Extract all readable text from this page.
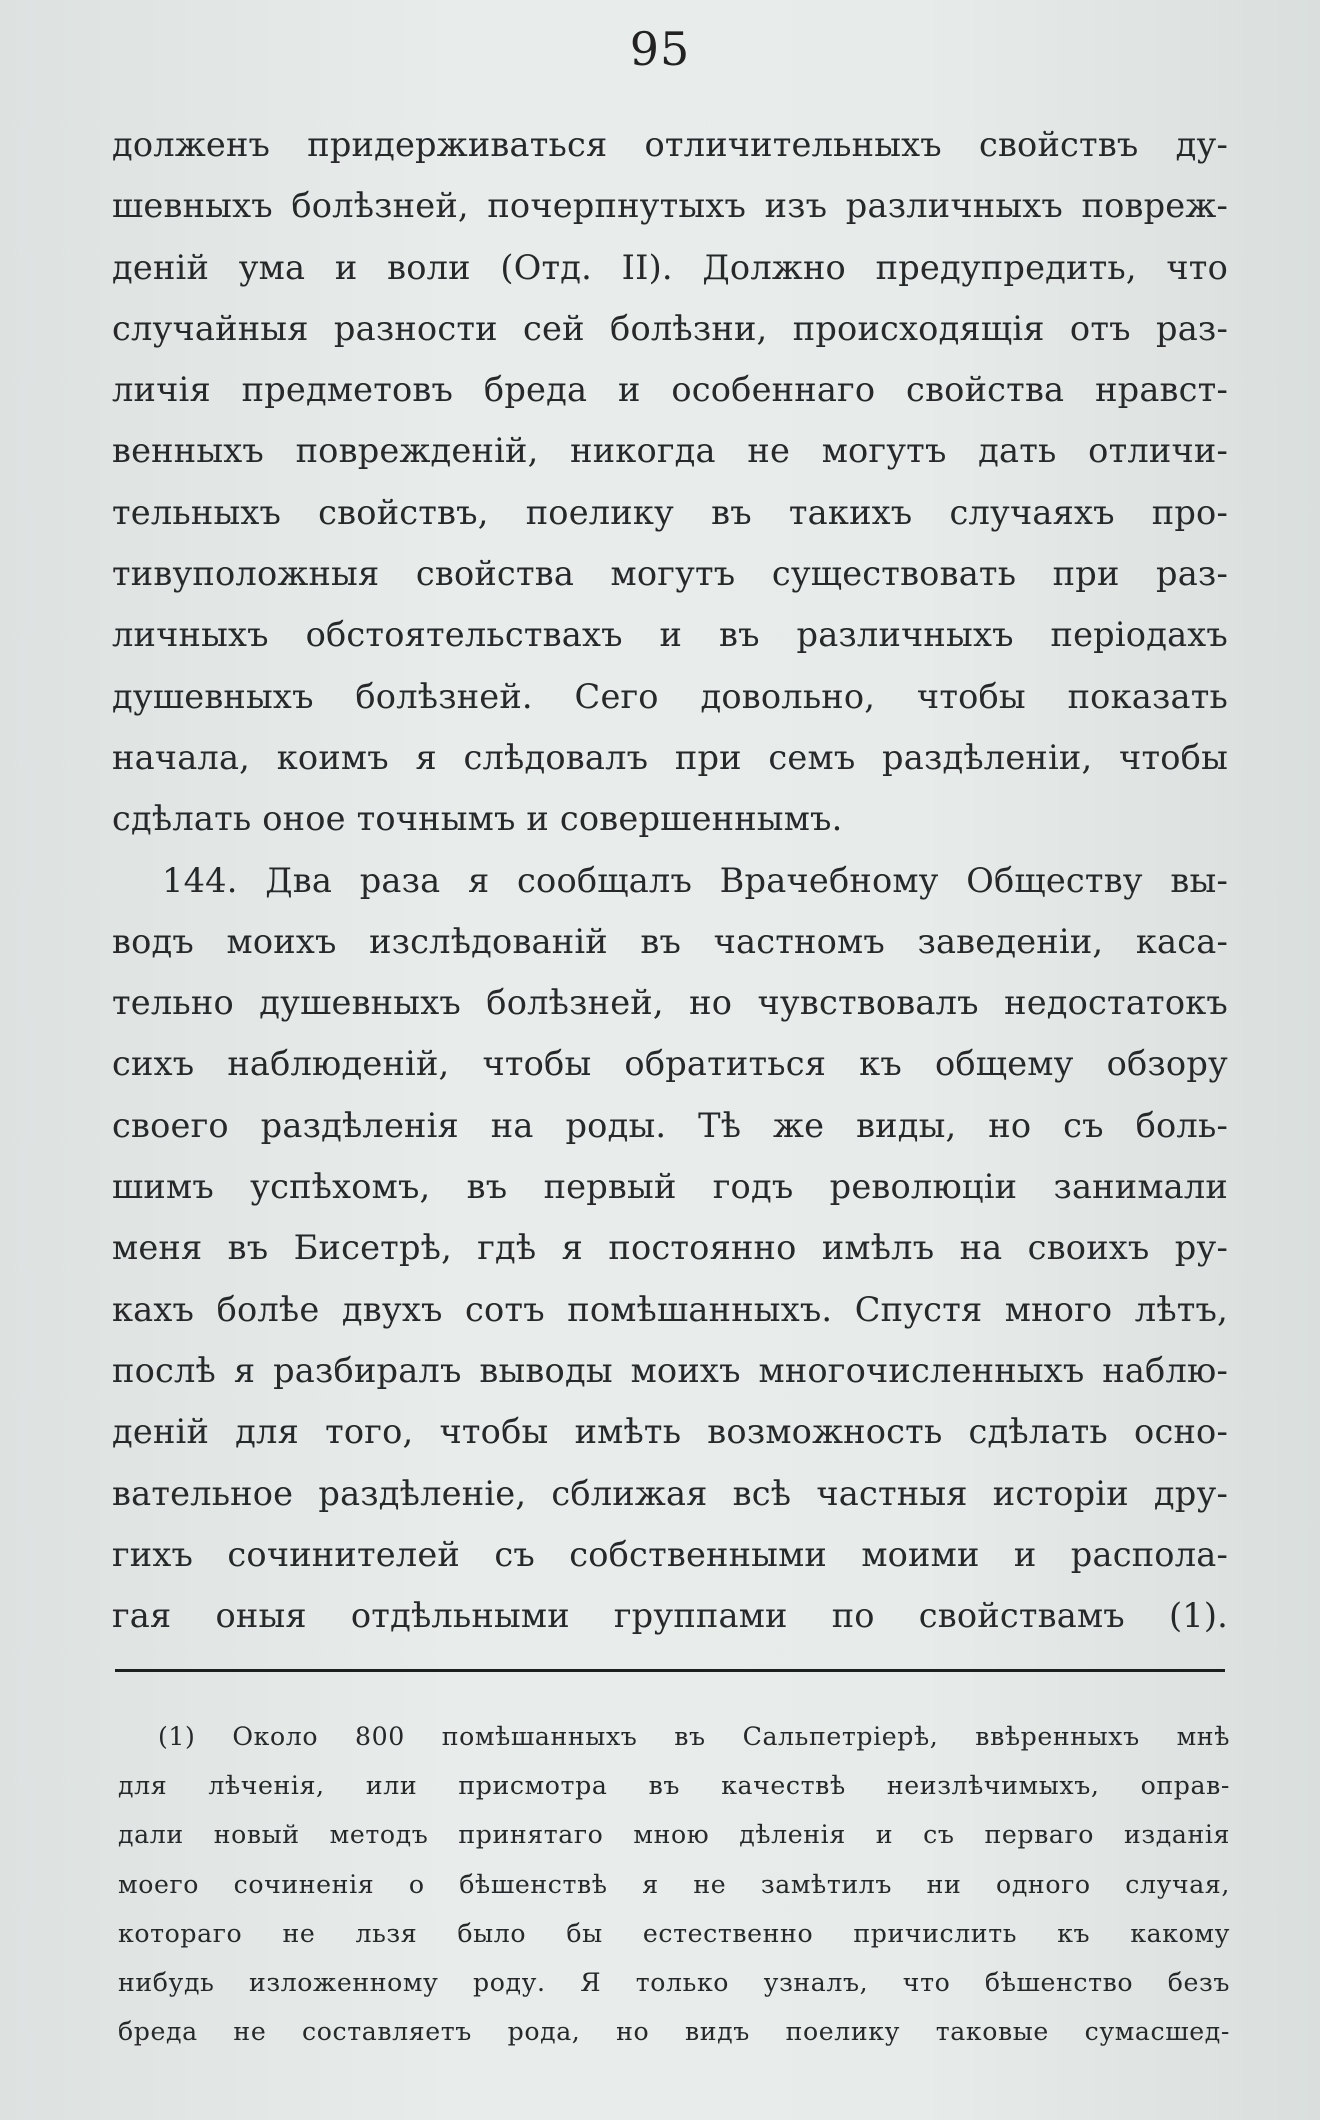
95
долженъ придерживаться отличительныхъ свойствъ ду-
шевныхъ болѣзней, почерпнутыхъ изъ различныхъ повреж-
деній ума и воли (Отд. II). Должно предупредить, что
случайныя разности сей болѣзни, происходящія отъ раз-
личія предметовъ бреда и особеннаго свойства нравст-
венныхъ поврежденій, никогда не могутъ дать отличи-
тельныхъ свойствъ, поелику въ такихъ случаяхъ про-
тивуположныя свойства могутъ существовать при раз-
личныхъ обстоятельствахъ и въ различныхъ періодахъ
душевныхъ болѣзней. Сего довольно, чтобы показать
начала, коимъ я слѣдовалъ при семъ раздѣленіи, чтобы
сдѣлать оное точнымъ и совершеннымъ.
144. Два раза я сообщалъ Врачебному Обществу вы-
водъ моихъ изслѣдованій въ частномъ заведеніи, каса-
тельно душевныхъ болѣзней, но чувствовалъ недостатокъ
сихъ наблюденій, чтобы обратиться къ общему обзору
своего раздѣленія на роды. Тѣ же виды, но съ боль-
шимъ успѣхомъ, въ первый годъ революціи занимали
меня въ Бисетрѣ, гдѣ я постоянно имѣлъ на своихъ ру-
кахъ болѣе двухъ сотъ помѣшанныхъ. Спустя много лѣтъ,
послѣ я разбиралъ выводы моихъ многочисленныхъ наблю-
деній для того, чтобы имѣть возможность сдѣлать осно-
вательное раздѣленіе, сближая всѣ частныя исторіи дру-
гихъ сочинителей съ собственными моими и распола-
гая оныя отдѣльными группами по свойствамъ (1).
(1) Около 800 помѣшанныхъ въ Сальпетріерѣ, ввѣренныхъ мнѣ
для лѣченія, или присмотра въ качествѣ неизлѣчимыхъ, оправ-
дали новый методъ принятаго мною дѣленія и съ перваго изданія
моего сочиненія о бѣшенствѣ я не замѣтилъ ни одного случая,
котораго не льзя было бы естественно причислить къ какому
нибудь изложенному роду. Я только узналъ, что бѣшенство безъ
бреда не составляетъ рода, но видъ поелику таковые сумасшед-
